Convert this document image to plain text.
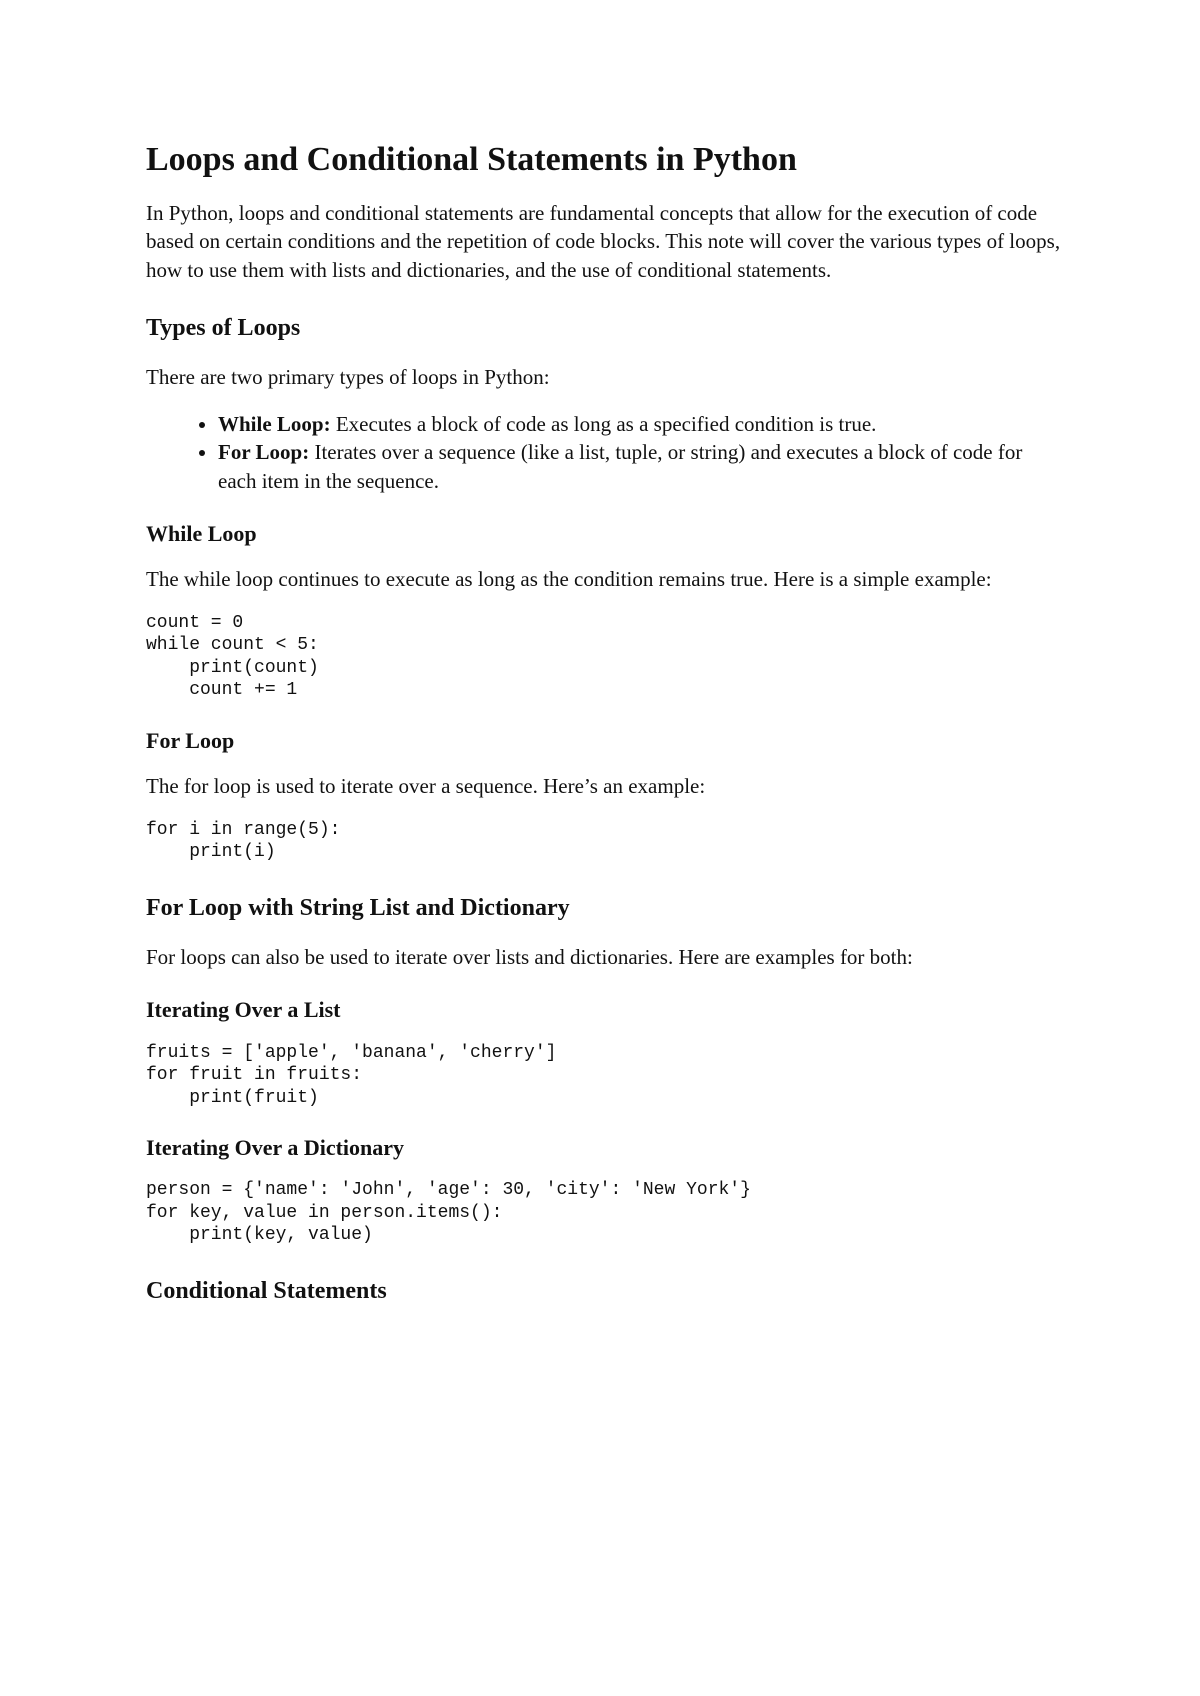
Loops and Conditional Statements in Python

In Python, loops and conditional statements are fundamental concepts that allow for the execution of code based on certain conditions and the repetition of code blocks. This note will cover the various types of loops, how to use them with lists and dictionaries, and the use of conditional statements.

Types of Loops

There are two primary types of loops in Python:

• While Loop: Executes a block of code as long as a specified condition is true.
• For Loop: Iterates over a sequence (like a list, tuple, or string) and executes a block of code for each item in the sequence.
While Loop

The while loop continues to execute as long as the condition remains true. Here is a simple example:

count = 0
while count < 5:
print(count)
count += 1
For Loop

The for loop is used to iterate over a sequence. Here’s an example:

for i in range(5):
print(i)
For Loop with String List and Dictionary

For loops can also be used to iterate over lists and dictionaries. Here are examples for both:

Iterating Over a List
fruits = ['apple', 'banana', 'cherry']
for fruit in fruits:
print(fruit)
Iterating Over a Dictionary
person = {'name': 'John', 'age': 30, 'city': 'New York'}
for key, value in person.items():
print(key, value)
Conditional Statements
